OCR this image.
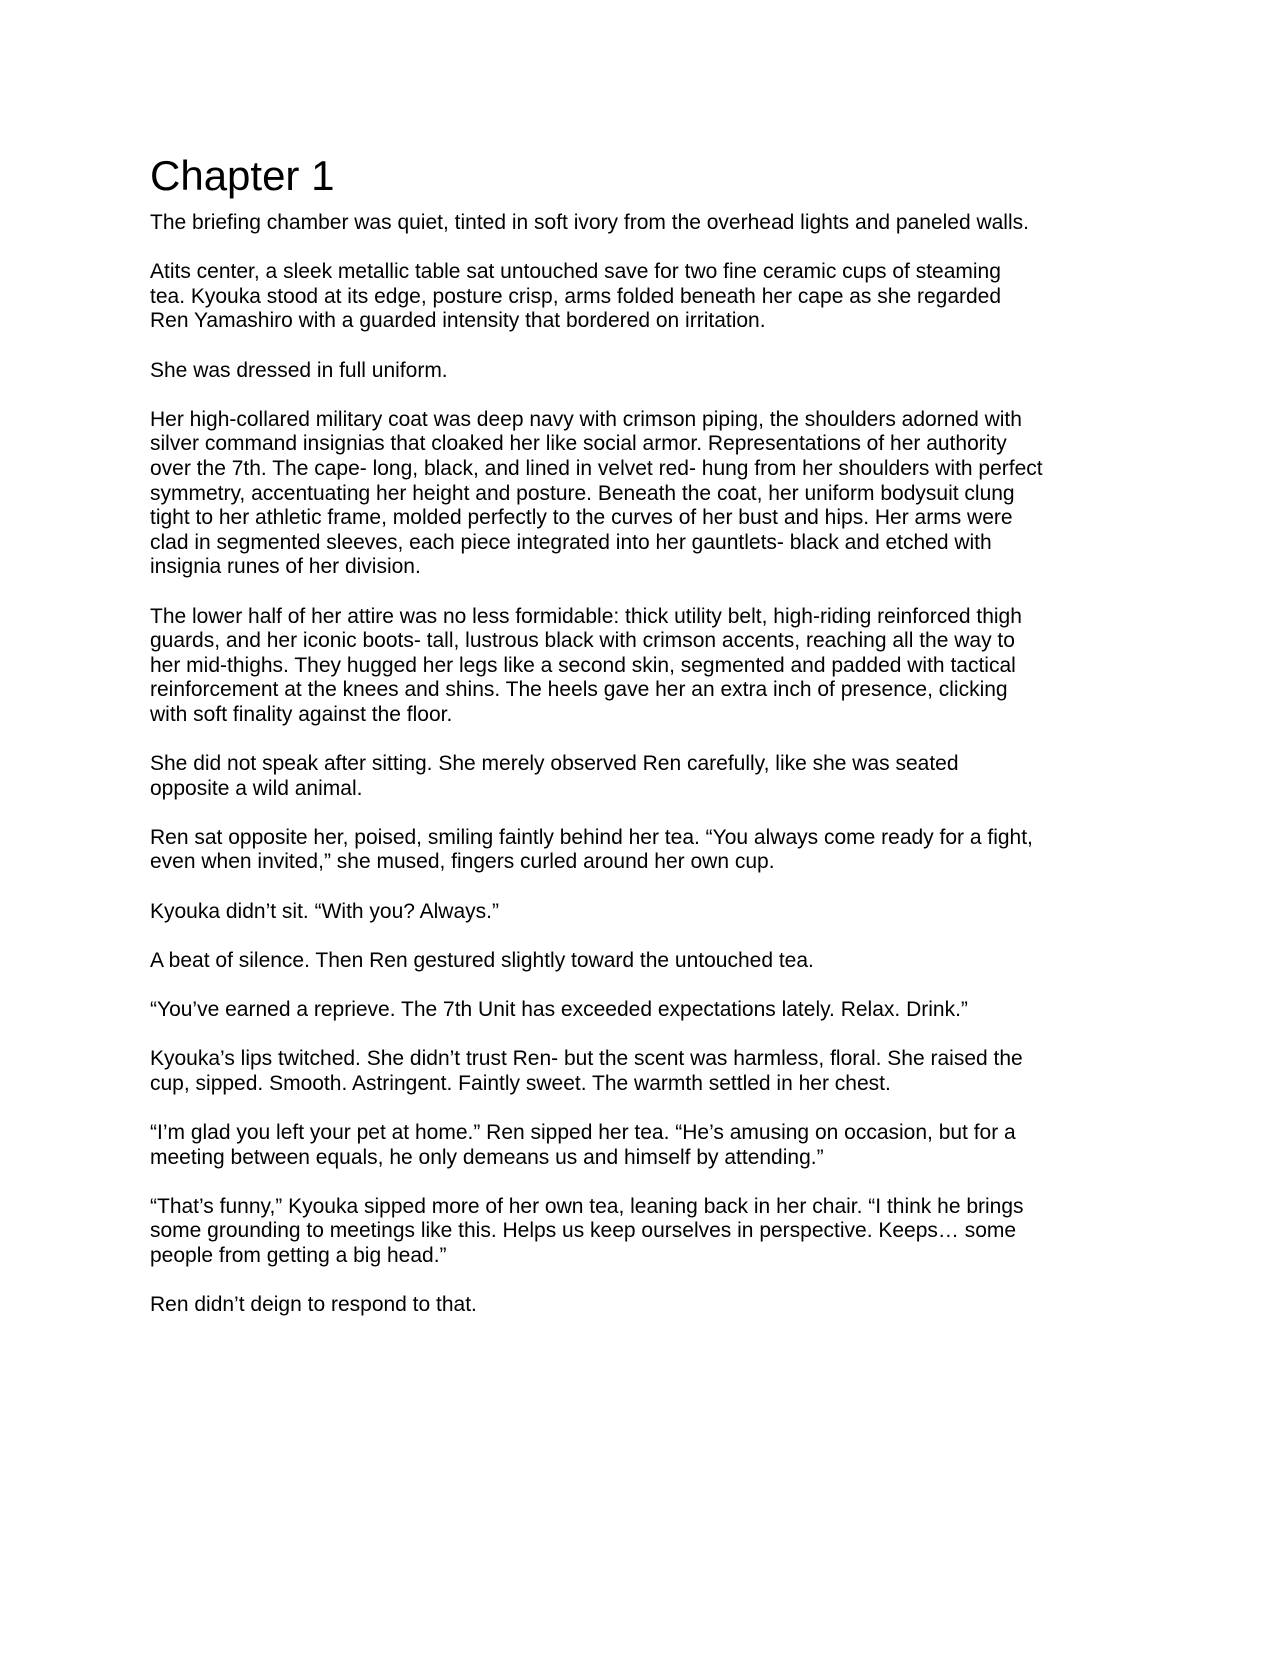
Chapter 1

The briefing chamber was quiet, tinted in soft ivory from the overhead lights and paneled walls.

Atits center, a sleek metallic table sat untouched save for two fine ceramic cups of steaming
tea. Kyouka stood at its edge, posture crisp, arms folded beneath her cape as she regarded
Ren Yamashiro with a guarded intensity that bordered on irritation.

She was dressed in full uniform.

Her high-collared military coat was deep navy with crimson piping, the shoulders adorned with
silver command insignias that cloaked her like social armor. Representations of her authority
over the 7th. The cape- long, black, and lined in velvet red- hung from her shoulders with perfect
symmetry, accentuating her height and posture. Beneath the coat, her uniform bodysuit clung
tight to her athletic frame, molded perfectly to the curves of her bust and hips. Her arms were
clad in segmented sleeves, each piece integrated into her gauntlets- black and etched with
insignia runes of her division.

The lower half of her attire was no less formidable: thick utility belt, high-riding reinforced thigh
guards, and her iconic boots- tall, lustrous black with crimson accents, reaching all the way to
her mid-thighs. They hugged her legs like a second skin, segmented and padded with tactical
reinforcement at the knees and shins. The heels gave her an extra inch of presence, clicking
with soft finality against the floor.

She did not speak after sitting. She merely observed Ren carefully, like she was seated
opposite a wild animal.

Ren sat opposite her, poised, smiling faintly behind her tea. “You always come ready for a fight,
even when invited,” she mused, fingers curled around her own cup.

Kyouka didn’t sit. “With you? Always.”

A beat of silence. Then Ren gestured slightly toward the untouched tea.

“You’ve earned a reprieve. The 7th Unit has exceeded expectations lately. Relax. Drink.”

Kyouka’s lips twitched. She didn’t trust Ren- but the scent was harmless, floral. She raised the
cup, sipped. Smooth. Astringent. Faintly sweet. The warmth settled in her chest.

“I’m glad you left your pet at home.” Ren sipped her tea. “He’s amusing on occasion, but for a
meeting between equals, he only demeans us and himself by attending.”

“That’s funny,” Kyouka sipped more of her own tea, leaning back in her chair. “I think he brings
some grounding to meetings like this. Helps us keep ourselves in perspective. Keeps… some
people from getting a big head.”

Ren didn’t deign to respond to that.
